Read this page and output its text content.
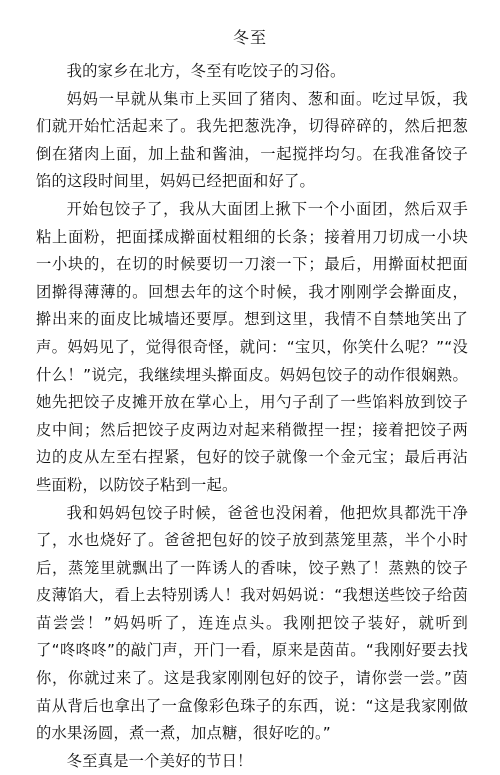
冬至

我的家乡在北方，冬至有吃饺子的习俗。

妈妈一早就从集市上买回了猪肉、葱和面。吃过早饭，我们就开始忙活起来了。我先把葱洗净，切得碎碎的，然后把葱倒在猪肉上面，加上盐和酱油，一起搅拌均匀。在我准备饺子馅的这段时间里，妈妈已经把面和好了。

开始包饺子了，我从大面团上揪下一个小面团，然后双手粘上面粉，把面揉成擀面杖粗细的长条；接着用刀切成一小块一小块的，在切的时候要切一刀滚一下；最后，用擀面杖把面团擀得薄薄的。回想去年的这个时候，我才刚刚学会擀面皮，擀出来的面皮比城墙还要厚。想到这里，我情不自禁地笑出了声。妈妈见了，觉得很奇怪，就问：“宝贝，你笑什么呢？”“没什么！”说完，我继续埋头擀面皮。妈妈包饺子的动作很娴熟。她先把饺子皮摊开放在掌心上，用勺子刮了一些馅料放到饺子皮中间；然后把饺子皮两边对起来稍微捏一捏；接着把饺子两边的皮从左至右捏紧，包好的饺子就像一个金元宝；最后再沾些面粉，以防饺子粘到一起。

我和妈妈包饺子时候，爸爸也没闲着，他把炊具都洗干净了，水也烧好了。爸爸把包好的饺子放到蒸笼里蒸，半个小时后，蒸笼里就飘出了一阵诱人的香味，饺子熟了！蒸熟的饺子皮薄馅大，看上去特别诱人！我对妈妈说：“我想送些饺子给茵苗尝尝！”妈妈听了，连连点头。我刚把饺子装好，就听到了“咚咚咚”的敲门声，开门一看，原来是茵苗。“我刚好要去找你，你就过来了。这是我家刚刚包好的饺子，请你尝一尝。”茵苗从背后也拿出了一盒像彩色珠子的东西，说：“这是我家刚做的水果汤圆，煮一煮，加点糖，很好吃的。”

冬至真是一个美好的节日！
